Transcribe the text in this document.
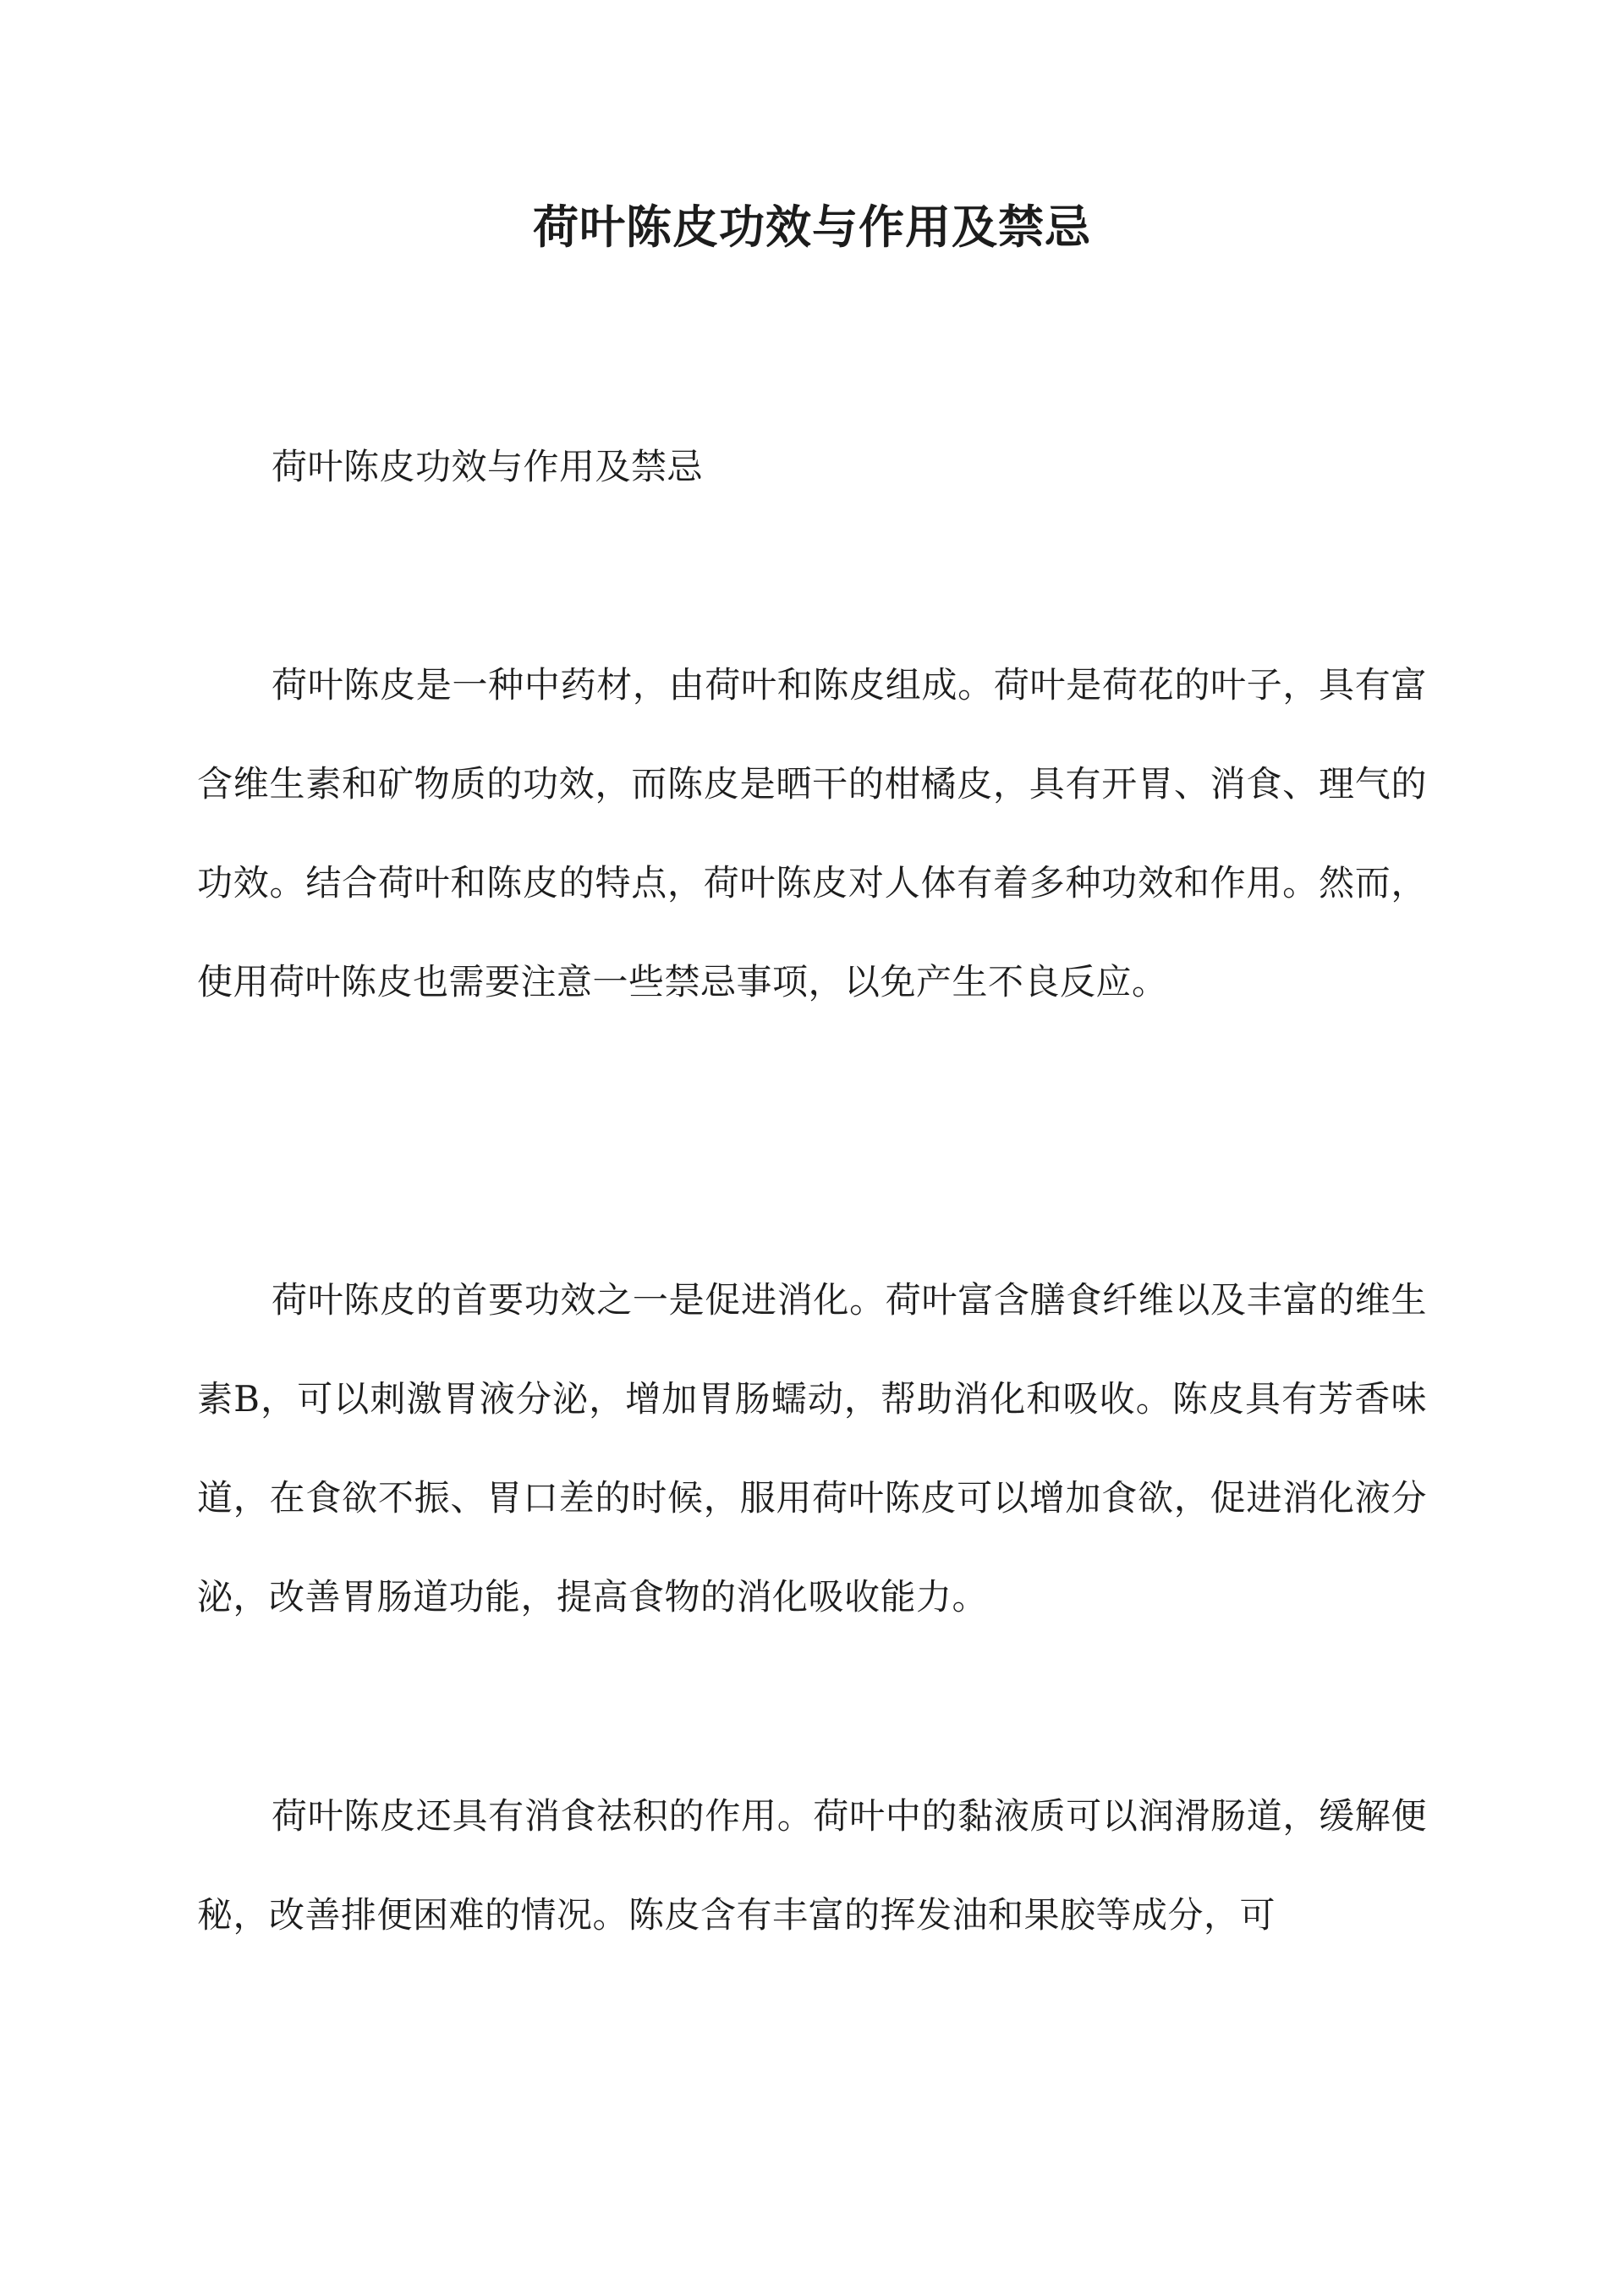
荷叶陈皮功效与作用及禁忌

荷叶陈皮功效与作用及禁忌

荷叶陈皮是一种中药材，由荷叶和陈皮组成。荷叶是荷花的叶子，具有富含维生素和矿物质的功效，而陈皮是晒干的柑橘皮，具有开胃、消食、理气的功效。结合荷叶和陈皮的特点，荷叶陈皮对人体有着多种功效和作用。然而，使用荷叶陈皮也需要注意一些禁忌事项，以免产生不良反应。

荷叶陈皮的首要功效之一是促进消化。荷叶富含膳食纤维以及丰富的维生素B，可以刺激胃液分泌，增加胃肠蠕动，帮助消化和吸收。陈皮具有芳香味道，在食欲不振、胃口差的时候，服用荷叶陈皮可以增加食欲，促进消化液分泌，改善胃肠道功能，提高食物的消化吸收能力。

荷叶陈皮还具有消食祛积的作用。荷叶中的黏液质可以润滑肠道，缓解便秘，改善排便困难的情况。陈皮含有丰富的挥发油和果胶等成分，可
